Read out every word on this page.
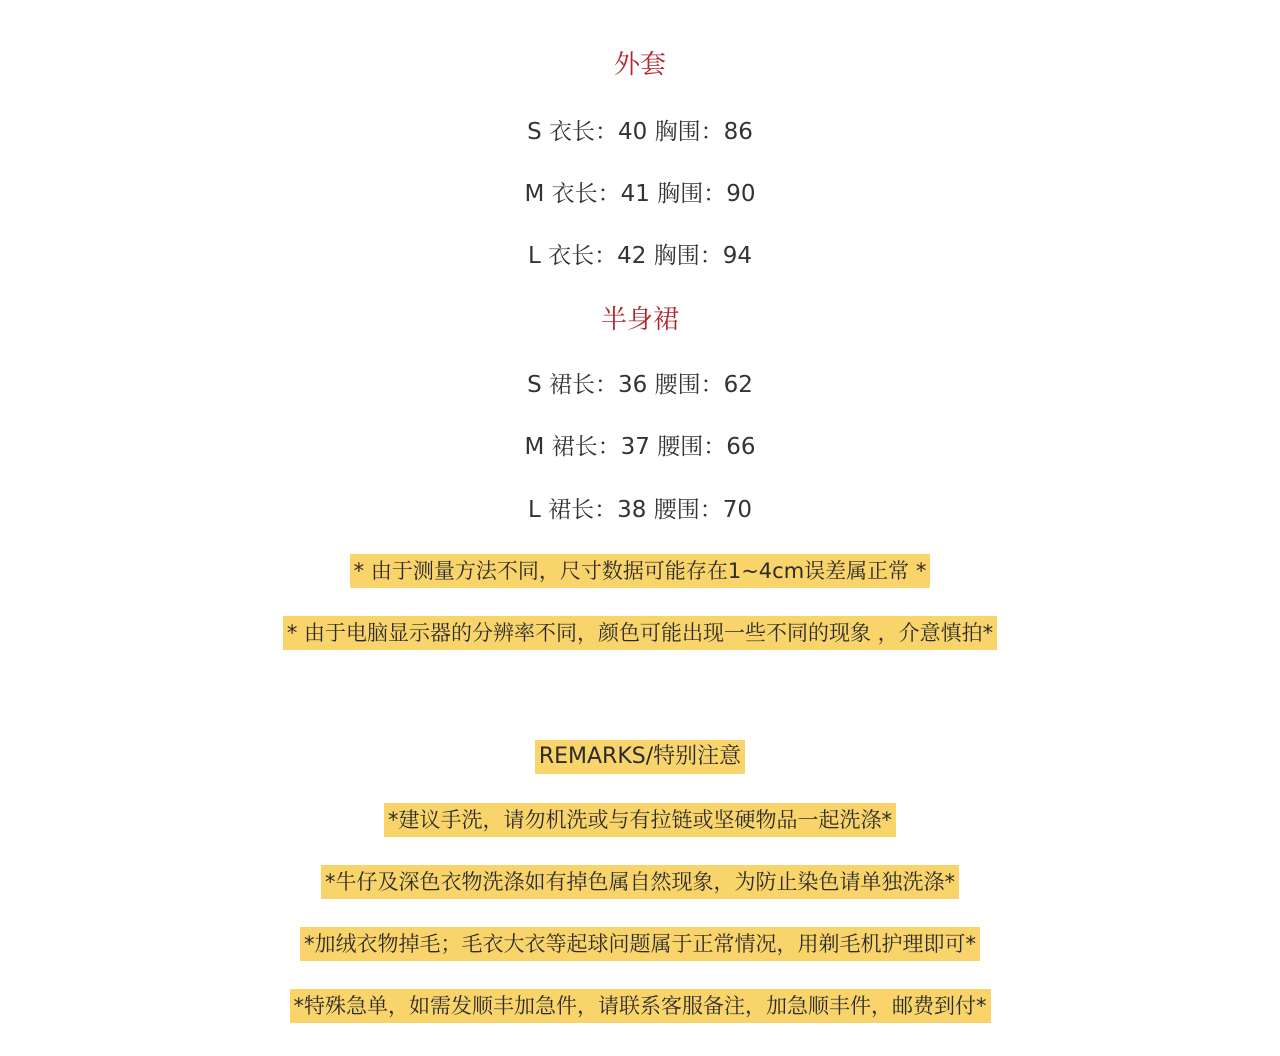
外套
S 衣长：40 胸围：86
M 衣长：41 胸围：90
L 衣长：42 胸围：94
半身裙
S 裙长：36 腰围：62
M 裙长：37 腰围：66
L 裙长：38 腰围：70
* 由于测量方法不同，尺寸数据可能存在1~4cm误差属正常 *
* 由于电脑显示器的分辨率不同，颜色可能出现一些不同的现象 ，介意慎拍*
REMARKS/特别注意
*建议手洗，请勿机洗或与有拉链或坚硬物品一起洗涤*
*牛仔及深色衣物洗涤如有掉色属自然现象，为防止染色请单独洗涤*
*加绒衣物掉毛；毛衣大衣等起球问题属于正常情况，用剃毛机护理即可*
*特殊急单，如需发顺丰加急件，请联系客服备注，加急顺丰件，邮费到付*
